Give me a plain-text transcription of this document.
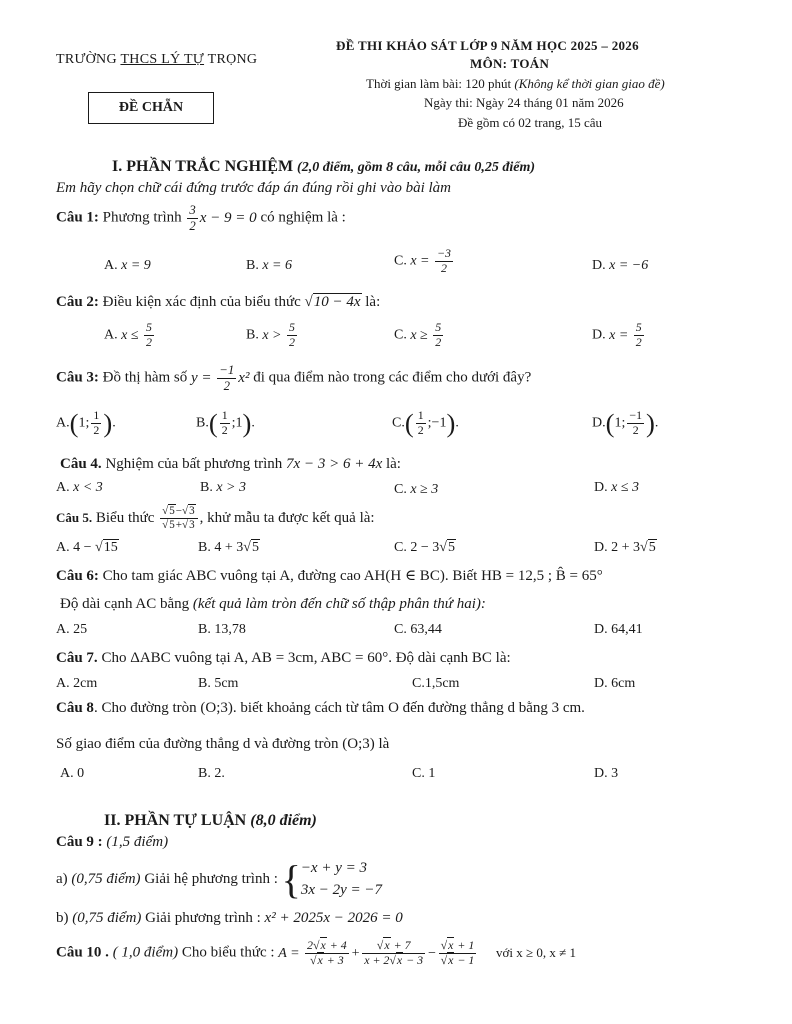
TRƯỜNG THCS LÝ TỰ TRỌNG
ĐỀ THI KHẢO SÁT LỚP 9 NĂM HỌC 2025 – 2026
MÔN: TOÁN
Thời gian làm bài: 120 phút (Không kể thời gian giao đề)
Ngày thi: Ngày 24 tháng 01 năm 2026
Đề gồm có 02 trang, 15 câu
ĐỀ CHẴN
I. PHẦN TRẮC NGHIỆM (2,0 điểm, gồm 8 câu, mỗi câu 0,25 điểm)
Em hãy chọn chữ cái đứng trước đáp án đúng rồi ghi vào bài làm
Câu 1: Phương trình $\frac{3}{2}$ x − 9 = 0 có nghiệm là :
A. x = 9	B. x = 6	C. $x = \frac{-3}{2}$	D. x = −6
Câu 2: Điều kiện xác định của biểu thức √10 − 4x là:
A. $x \le \frac{5}{2}$	B. $x > \frac{5}{2}$	C. $x \ge \frac{5}{2}$	D. $x = \frac{5}{2}$
Câu 3: Đồ thị hàm số $y = \frac{-1}{2} x^2$ đi qua điểm nào trong các điểm cho dưới đây?
A.(1; $\frac{1}{2}$ ).	$B.( \frac{1}{2}$ ;1).	$C.( \frac{1}{2}$ ;−1).	D.(1; $\frac{-1}{2}$ ).
Câu 4. Nghiệm của bất phương trình 7x − 3 > 6 + 4x là:
A. x < 3	B. x > 3	C. x ≥ 3	D. x ≤ 3
Câu 5. Biểu thức $\frac{√5-√3}{√5+√3}$ , khử mẫu ta được kết quả là:
A. 4 − √15	B. 4 + 3√5	C. 2 − 3√5	D. 2 + 3√5
Câu 6: Cho tam giác ABC vuông tại A, đường cao AH(H ∈ BC). Biết HB = 12,5 ; B̂ = 65°
Độ dài cạnh AC bằng (kết quả làm tròn đến chữ số thập phân thứ hai):
A. 25	B. 13,78	C. 63,44	D. 64,41
Câu 7. Cho ΔABC vuông tại A, AB = 3cm, ABC = 60°. Độ dài cạnh BC là:
A. 2cm	B. 5cm	C.1,5cm	D. 6cm
Câu 8. Cho đường tròn (O;3). biết khoảng cách từ tâm O đến đường thẳng d bằng 3 cm.
Số giao điểm của đường thẳng d và đường tròn (O;3) là
A. 0	B. 2.	C. 1	D. 3
II. PHẦN TỰ LUẬN (8,0 điểm)
Câu 9 : (1,5 điểm)
a) (0,75 điểm) Giải hệ phương trình : {−x + y = 3
3x − 2y = −7
b) (0,75 điểm) Giải phương trình : x² + 2025x − 2026 = 0
Câu 10 . ( 1,0 điểm) Cho biểu thức : $A = \frac{2√x + 4}{√x + 3} + \frac{√x + 7}{x + 2√x - 3} - \frac{√x + 1}{√x - 1}$ với x ≥ 0, x ≠ 1
